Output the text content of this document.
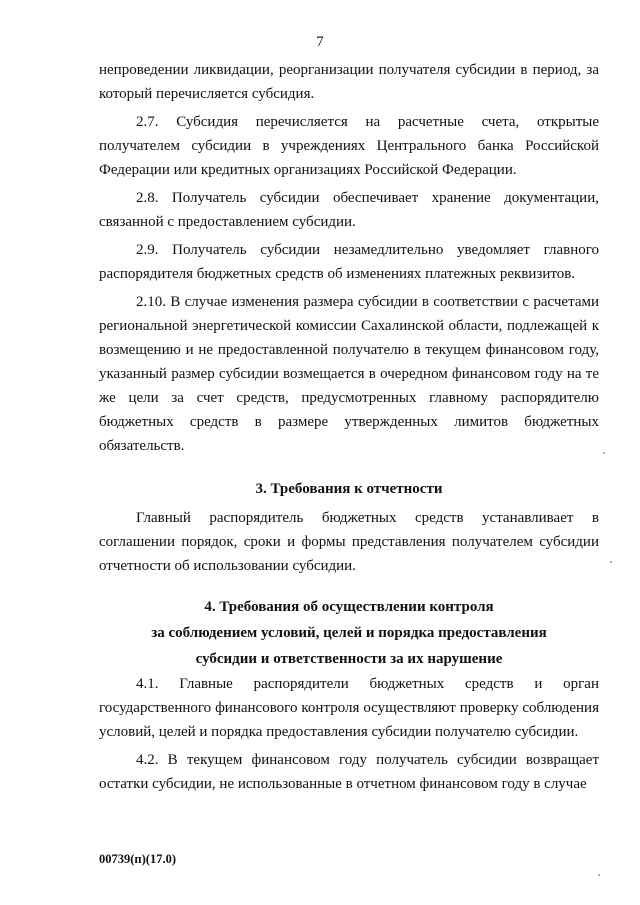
7

непроведении ликвидации, реорганизации получателя субсидии в период, за который перечисляется субсидия.

2.7. Субсидия перечисляется на расчетные счета, открытые получателем субсидии в учреждениях Центрального банка Российской Федерации или кредитных организациях Российской Федерации.

2.8. Получатель субсидии обеспечивает хранение документации, связанной с предоставлением субсидии.

2.9. Получатель субсидии незамедлительно уведомляет главного распорядителя бюджетных средств об изменениях платежных реквизитов.

2.10. В случае изменения размера субсидии в соответствии с расчетами региональной энергетической комиссии Сахалинской области, подлежащей к возмещению и не предоставленной получателю в текущем финансовом году, указанный размер субсидии возмещается в очередном финансовом году на те же цели за счет средств, предусмотренных главному распорядителю бюджетных средств в размере утвержденных лимитов бюджетных обязательств.

3. Требования к отчетности

Главный распорядитель бюджетных средств устанавливает в соглашении порядок, сроки и формы представления получателем субсидии отчетности об использовании субсидии.

4. Требования об осуществлении контроля

за соблюдением условий, целей и порядка предоставления

субсидии и ответственности за их нарушение

4.1. Главные распорядители бюджетных средств и орган государственного финансового контроля осуществляют проверку соблюдения условий, целей и порядка предоставления субсидии получателю субсидии.

4.2. В текущем финансовом году получатель субсидии возвращает остатки субсидии, не использованные в отчетном финансовом году в случае

00739(п)(17.0)
